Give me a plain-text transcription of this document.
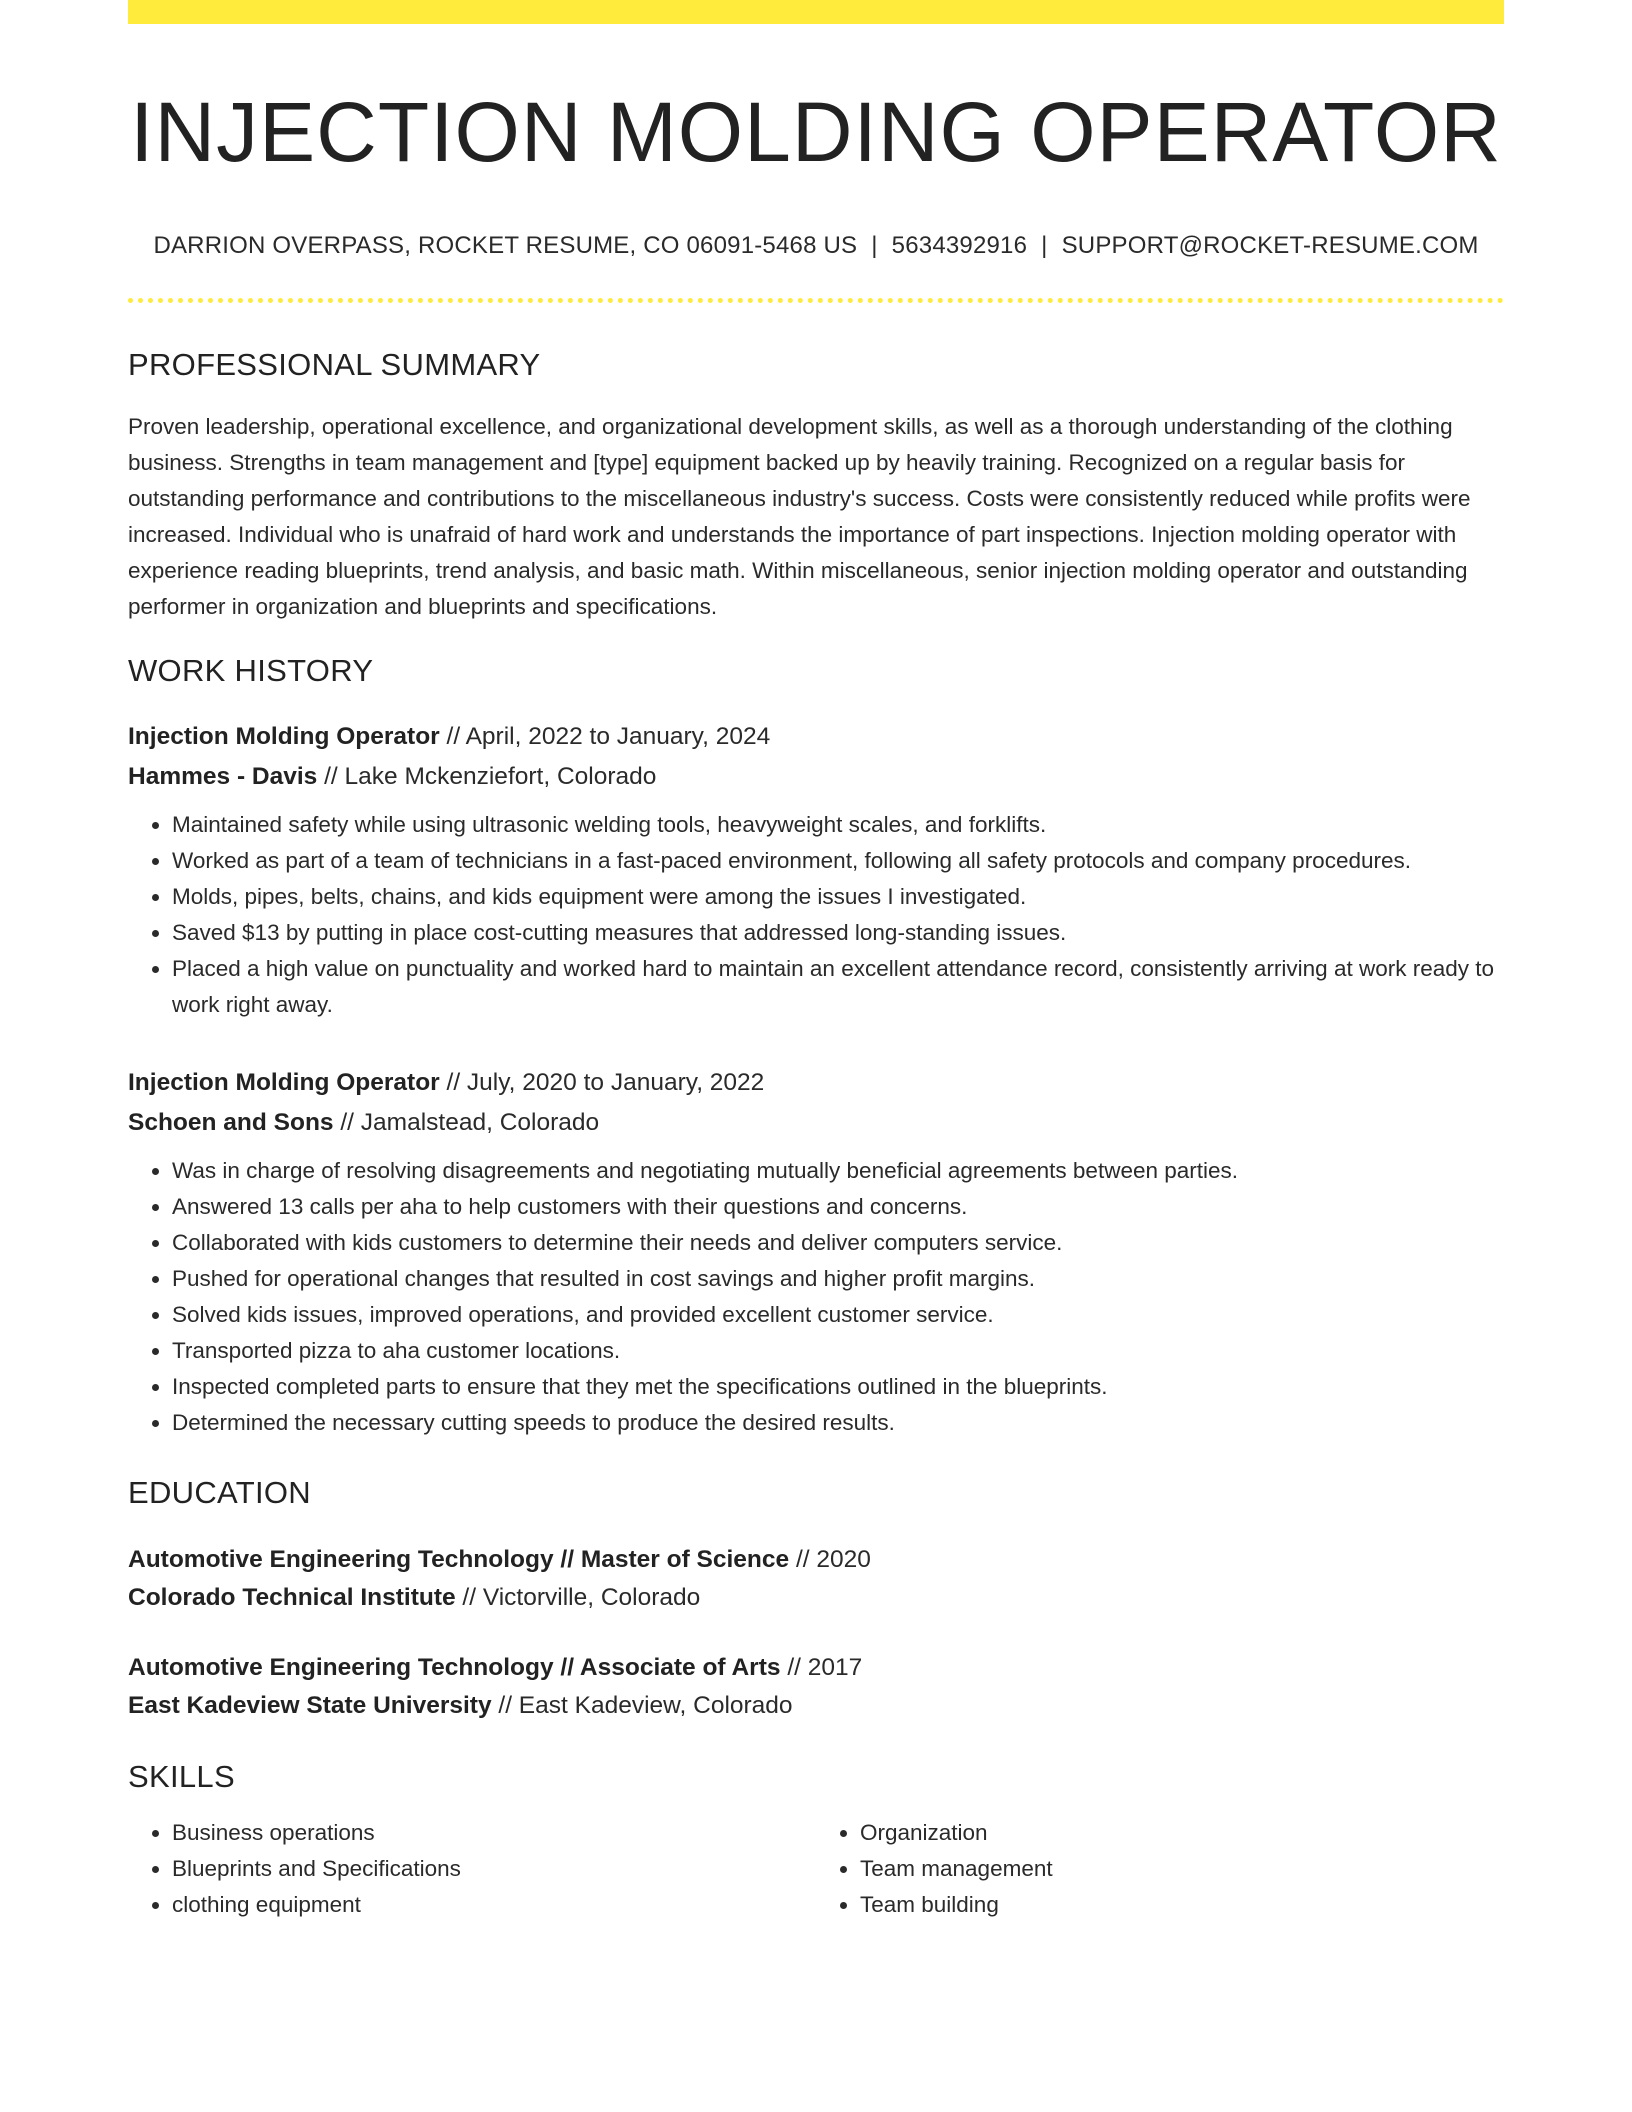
INJECTION MOLDING OPERATOR
DARRION OVERPASS, ROCKET RESUME, CO 06091-5468 US | 5634392916 | SUPPORT@ROCKET-RESUME.COM
PROFESSIONAL SUMMARY
Proven leadership, operational excellence, and organizational development skills, as well as a thorough understanding of the clothing business. Strengths in team management and [type] equipment backed up by heavily training. Recognized on a regular basis for outstanding performance and contributions to the miscellaneous industry's success. Costs were consistently reduced while profits were increased. Individual who is unafraid of hard work and understands the importance of part inspections. Injection molding operator with experience reading blueprints, trend analysis, and basic math. Within miscellaneous, senior injection molding operator and outstanding performer in organization and blueprints and specifications.
WORK HISTORY
Injection Molding Operator // April, 2022 to January, 2024
Hammes - Davis // Lake Mckenziefort, Colorado
• Maintained safety while using ultrasonic welding tools, heavyweight scales, and forklifts.
• Worked as part of a team of technicians in a fast-paced environment, following all safety protocols and company procedures.
• Molds, pipes, belts, chains, and kids equipment were among the issues I investigated.
• Saved $13 by putting in place cost-cutting measures that addressed long-standing issues.
• Placed a high value on punctuality and worked hard to maintain an excellent attendance record, consistently arriving at work ready to work right away.
Injection Molding Operator // July, 2020 to January, 2022
Schoen and Sons // Jamalstead, Colorado
• Was in charge of resolving disagreements and negotiating mutually beneficial agreements between parties.
• Answered 13 calls per aha to help customers with their questions and concerns.
• Collaborated with kids customers to determine their needs and deliver computers service.
• Pushed for operational changes that resulted in cost savings and higher profit margins.
• Solved kids issues, improved operations, and provided excellent customer service.
• Transported pizza to aha customer locations.
• Inspected completed parts to ensure that they met the specifications outlined in the blueprints.
• Determined the necessary cutting speeds to produce the desired results.
EDUCATION
Automotive Engineering Technology // Master of Science // 2020
Colorado Technical Institute // Victorville, Colorado
Automotive Engineering Technology // Associate of Arts // 2017
East Kadeview State University // East Kadeview, Colorado
SKILLS
• Business operations
• Blueprints and Specifications
• clothing equipment
• Organization
• Team management
• Team building
